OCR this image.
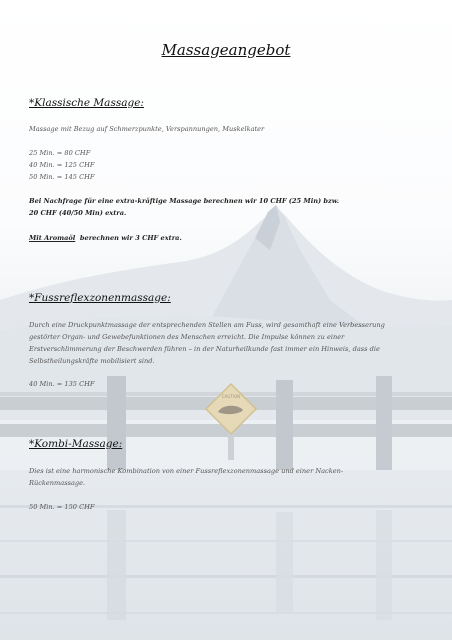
CAUTION
Massageangebot
*Klassische Massage:
Massage mit Bezug auf Schmerzpunkte, Verspannungen, Muskelkater
25 Min. = 80 CHF
40 Min. = 125 CHF
50 Min. = 145 CHF
Bei Nachfrage für eine extra-kräftige Massage berechnen wir 10 CHF (25 Min) bzw.
20 CHF (40/50 Min) extra.
Mit Aromaöl  berechnen wir 3 CHF extra.
*Fussreflexzonenmassage:
Durch eine Druckpunktmassage der entsprechenden Stellen am Fuss, wird gesamthaft eine Verbesserung
gestörter Organ- und Gewebefunktionen des Menschen erreicht. Die Impulse können zu einer
Erstverschlimmerung der Beschwerden führen – in der Naturheilkunde fast immer ein Hinweis, dass die
Selbstheilungskräfte mobilisiert sind.
40 Min. = 135 CHF
*Kombi-Massage:
Dies ist eine harmonische Kombination von einer Fussreflexzonenmassage und einer Nacken-
Rückenmassage.
50 Min. = 150 CHF
